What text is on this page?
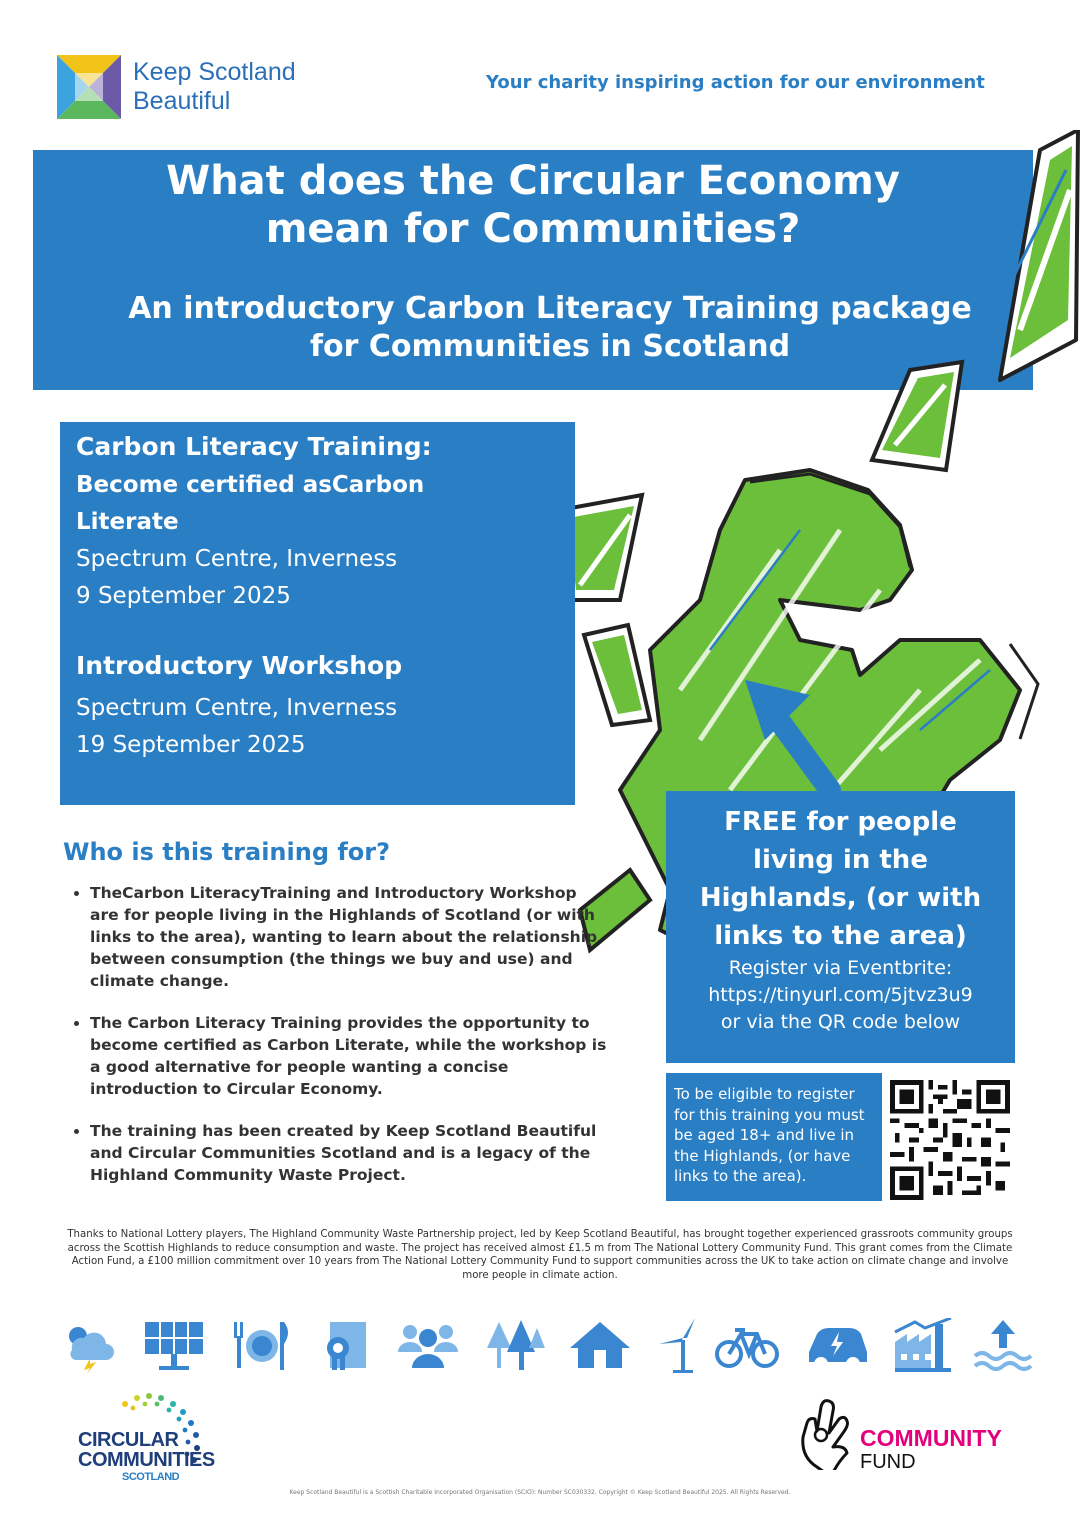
Keep Scotland
Beautiful
Your charity inspiring action for our environment
What does the Circular Economy
mean for Communities?
An introductory Carbon Literacy Training package
for Communities in Scotland
Carbon Literacy Training:
Become certified asCarbon
Literate
Spectrum Centre, Inverness
9 September 2025
Introductory Workshop
Spectrum Centre, Inverness
19 September 2025
Who is this training for?
• TheCarbon LiteracyTraining and Introductory Workshop are for people living in the Highlands of Scotland (or with links to the area), wanting to learn about the relationship between consumption (the things we buy and use) and climate change.
• The Carbon Literacy Training provides the opportunity to become certified as Carbon Literate, while the workshop is a good alternative for people wanting a concise introduction to Circular Economy.
• The training has been created by Keep Scotland Beautiful and Circular Communities Scotland and is a legacy of the Highland Community Waste Project.
FREE for people
living in the
Highlands, (or with
links to the area)
Register via Eventbrite:
https://tinyurl.com/5jtvz3u9
or via the QR code below
To be eligible to register for this training you must be aged 18+ and live in the Highlands, (or have links to the area).
Thanks to National Lottery players, The Highland Community Waste Partnership project, led by Keep Scotland Beautiful, has brought together experienced grassroots community groups across the Scottish Highlands to reduce consumption and waste. The project has received almost £1.5 m from The National Lottery Community Fund. This grant comes from the Climate Action Fund, a £100 million commitment over 10 years from The National Lottery Community Fund to support communities across the UK to take action on climate change and involve more people in climate action.
CIRCULAR
COMMUNITIES
SCOTLAND
COMMUNITY
FUND
Keep Scotland Beautiful is a Scottish Charitable Incorporated Organisation (SCIO): Number SC030332. Copyright © Keep Scotland Beautiful 2025. All Rights Reserved.
